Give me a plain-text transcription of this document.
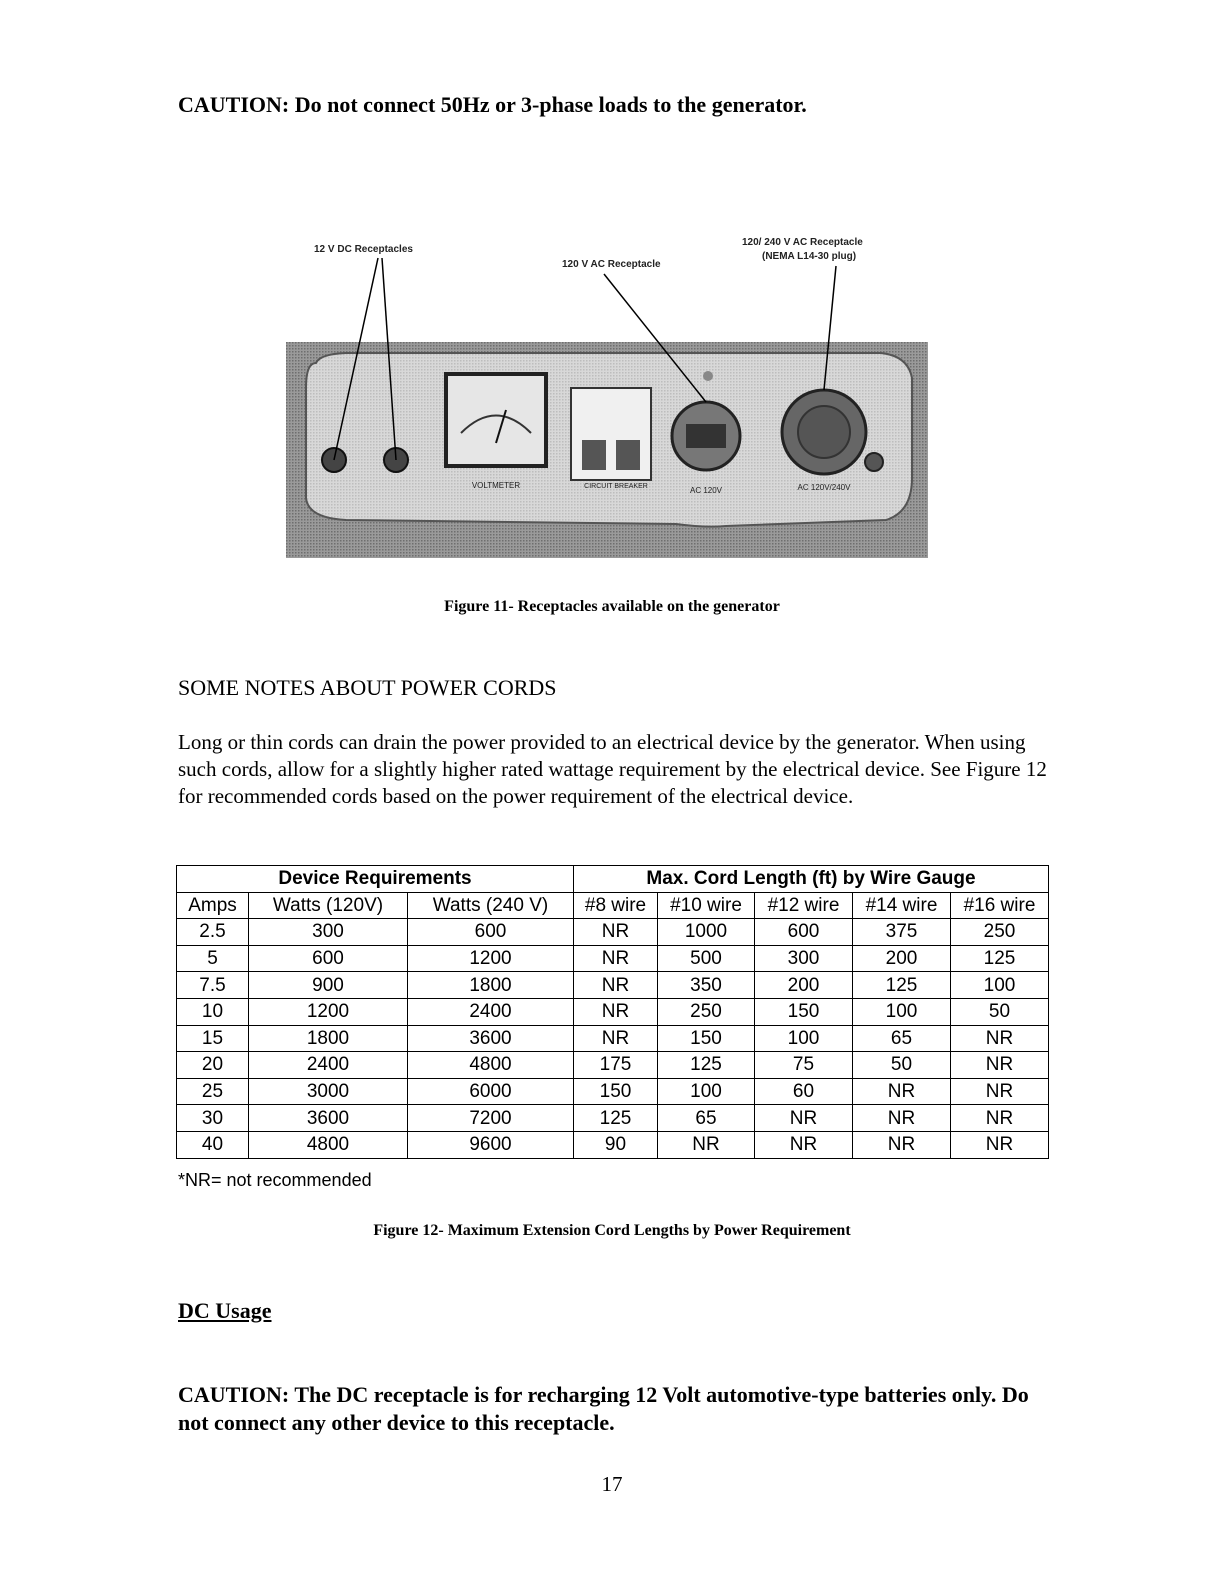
CAUTION: Do not connect 50Hz or 3-phase loads to the generator.
12 V DC Receptacles
120 V AC Receptacle
120/ 240 V AC Receptacle
(NEMA L14-30 plug)
VOLTMETER	CIRCUIT BREAKER	AC 120V	AC 120V/240V
Figure 11- Receptacles available on the generator
SOME NOTES ABOUT POWER CORDS
Long or thin cords can drain the power provided to an electrical device by the generator. When using such cords, allow for a slightly higher rated wattage requirement by the electrical device. See Figure 12 for recommended cords based on the power requirement of the electrical device.
Device Requirements			Max. Cord Length (ft) by Wire Gauge				
Amps	Watts (120V)	Watts (240 V)	#8 wire	#10 wire	#12 wire	#14 wire	#16 wire
2.5	300	600	NR	1000	600	375	250
5	600	1200	NR	500	300	200	125
7.5	900	1800	NR	350	200	125	100
10	1200	2400	NR	250	150	100	50
15	1800	3600	NR	150	100	65	NR
20	2400	4800	175	125	75	50	NR
25	3000	6000	150	100	60	NR	NR
30	3600	7200	125	65	NR	NR	NR
40	4800	9600	90	NR	NR	NR	NR
*NR= not recommended
Figure 12- Maximum Extension Cord Lengths by Power Requirement
DC Usage
CAUTION: The DC receptacle is for recharging 12 Volt automotive-type batteries only. Do not connect any other device to this receptacle.
17
